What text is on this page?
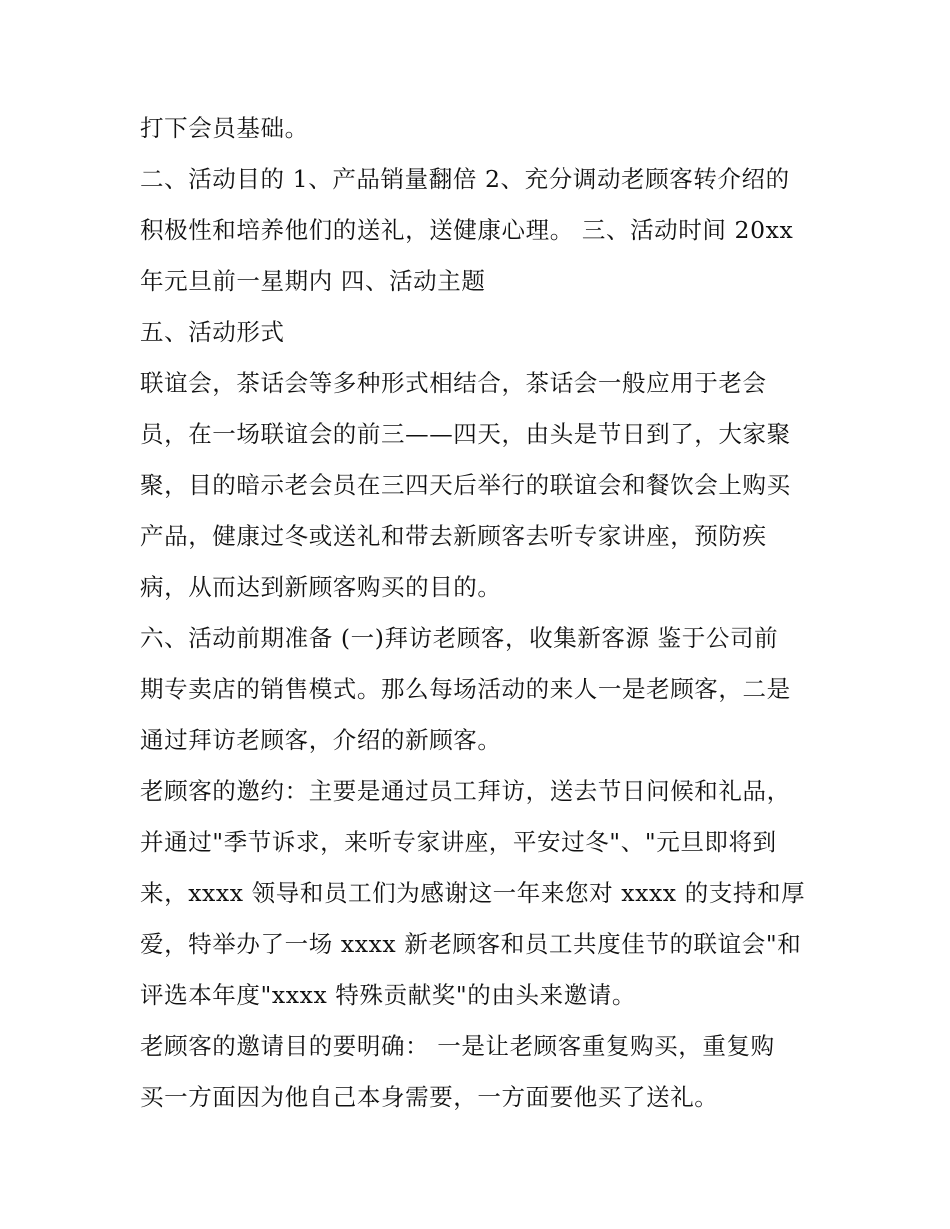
打下会员基础。
二、活动目的 1、产品销量翻倍 2、充分调动老顾客转介绍的
积极性和培养他们的送礼，送健康心理。 三、活动时间 20xx
年元旦前一星期内 四、活动主题
五、活动形式
联谊会，茶话会等多种形式相结合，茶话会一般应用于老会
员，在一场联谊会的前三——四天，由头是节日到了，大家聚
聚，目的暗示老会员在三四天后举行的联谊会和餐饮会上购买
产品，健康过冬或送礼和带去新顾客去听专家讲座，预防疾
病，从而达到新顾客购买的目的。
六、活动前期准备 (一)拜访老顾客，收集新客源 鉴于公司前
期专卖店的销售模式。那么每场活动的来人一是老顾客，二是
通过拜访老顾客，介绍的新顾客。
老顾客的邀约：主要是通过员工拜访，送去节日问候和礼品，
并通过"季节诉求，来听专家讲座，平安过冬"、"元旦即将到
来，xxxx 领导和员工们为感谢这一年来您对 xxxx 的支持和厚
爱，特举办了一场 xxxx 新老顾客和员工共度佳节的联谊会"和
评选本年度"xxxx 特殊贡献奖"的由头来邀请。
老顾客的邀请目的要明确： 一是让老顾客重复购买，重复购
买一方面因为他自己本身需要，一方面要他买了送礼。
